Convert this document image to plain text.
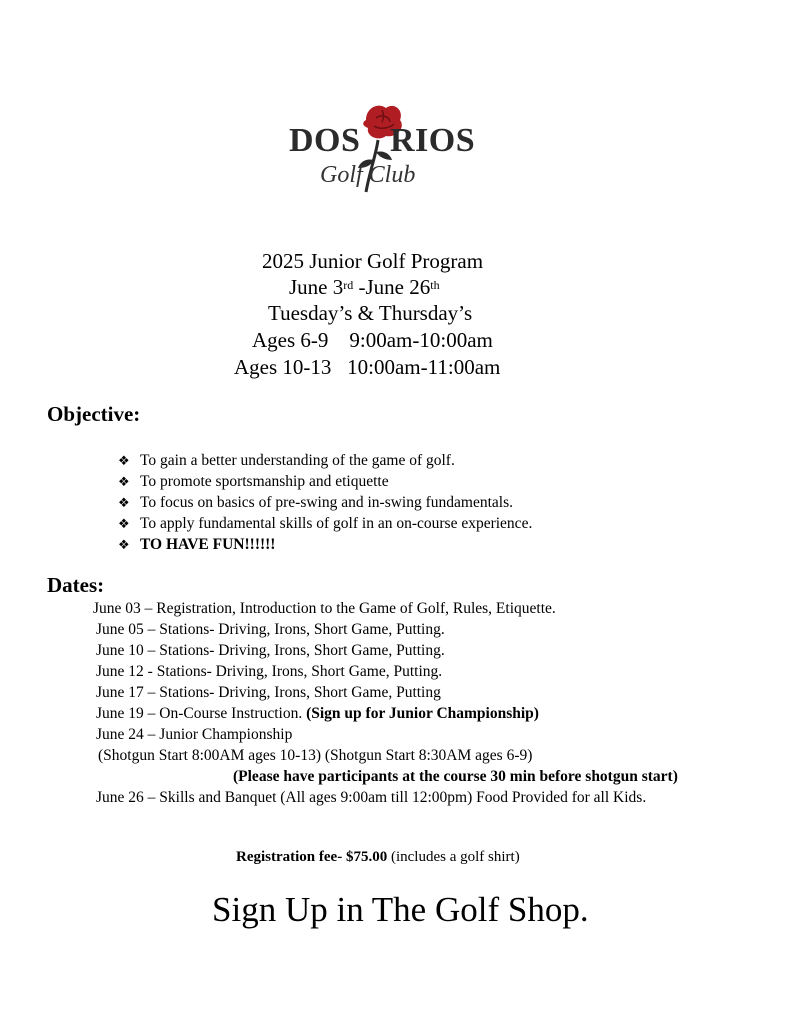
DOS RIOS
Golf Club
2025 Junior Golf Program
June 3rd -June 26th
Tuesday’s & Thursday’s
Ages 6-9    9:00am-10:00am
Ages 10-13   10:00am-11:00am
Objective:
❖ To gain a better understanding of the game of golf.
❖ To promote sportsmanship and etiquette
❖ To focus on basics of pre-swing and in-swing fundamentals.
❖ To apply fundamental skills of golf in an on-course experience.
❖ TO HAVE FUN!!!!!!
Dates:
June 03 – Registration, Introduction to the Game of Golf, Rules, Etiquette.
June 05 – Stations- Driving, Irons, Short Game, Putting.
June 10 – Stations- Driving, Irons, Short Game, Putting.
June 12 - Stations- Driving, Irons, Short Game, Putting.
June 17 – Stations- Driving, Irons, Short Game, Putting
June 19 – On-Course Instruction. (Sign up for Junior Championship)
June 24 – Junior Championship
(Shotgun Start 8:00AM ages 10-13) (Shotgun Start 8:30AM ages 6-9)
(Please have participants at the course 30 min before shotgun start)
June 26 – Skills and Banquet (All ages 9:00am till 12:00pm) Food Provided for all Kids.
Registration fee- $75.00 (includes a golf shirt)
Sign Up in The Golf Shop.
